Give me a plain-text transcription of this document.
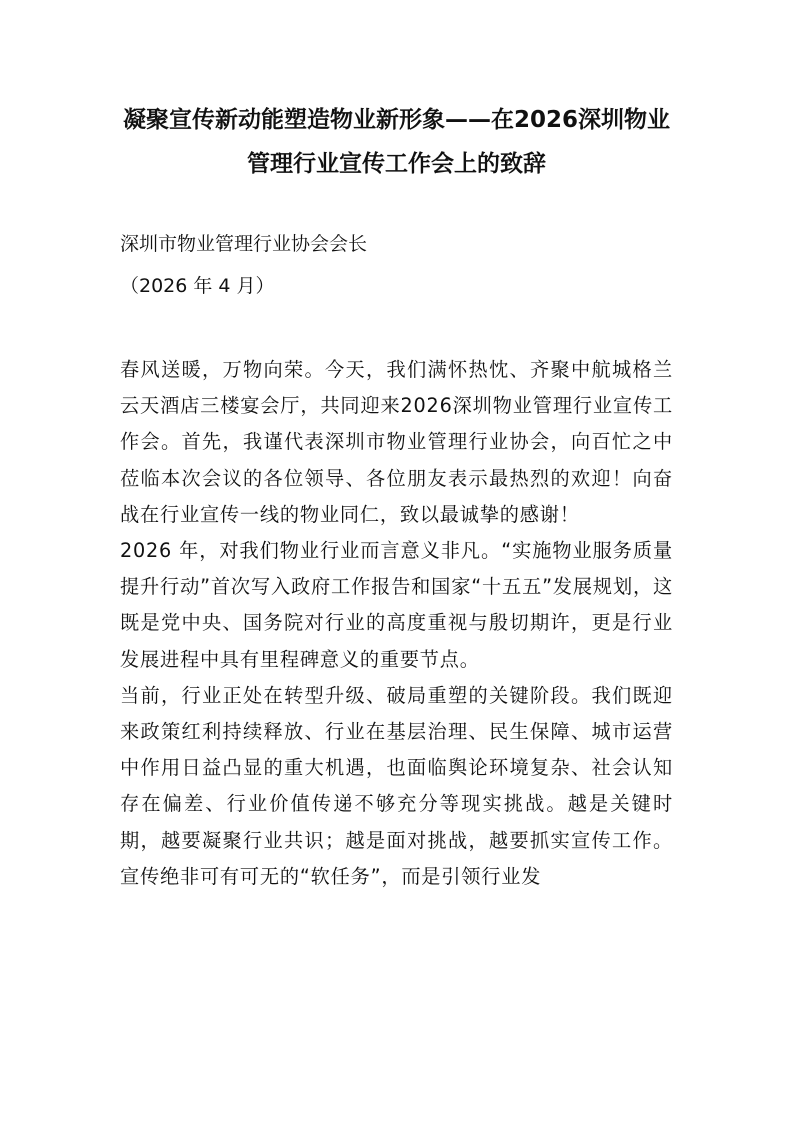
凝聚宣传新动能塑造物业新形象——在2026深圳物业管理行业宣传工作会上的致辞

深圳市物业管理行业协会会长

（2026 年 4 月）

春风送暖，万物向荣。今天，我们满怀热忱、齐聚中航城格兰云天酒店三楼宴会厅，共同迎来2026深圳物业管理行业宣传工作会。首先，我谨代表深圳市物业管理行业协会，向百忙之中莅临本次会议的各位领导、各位朋友表示最热烈的欢迎！向奋战在行业宣传一线的物业同仁，致以最诚挚的感谢！

2026 年，对我们物业行业而言意义非凡。“实施物业服务质量提升行动”首次写入政府工作报告和国家“十五五”发展规划，这既是党中央、国务院对行业的高度重视与殷切期许，更是行业发展进程中具有里程碑意义的重要节点。

当前，行业正处在转型升级、破局重塑的关键阶段。我们既迎来政策红利持续释放、行业在基层治理、民生保障、城市运营中作用日益凸显的重大机遇，也面临舆论环境复杂、社会认知存在偏差、行业价值传递不够充分等现实挑战。越是关键时期，越要凝聚行业共识；越是面对挑战，越要抓实宣传工作。宣传绝非可有可无的“软任务”，而是引领行业发
